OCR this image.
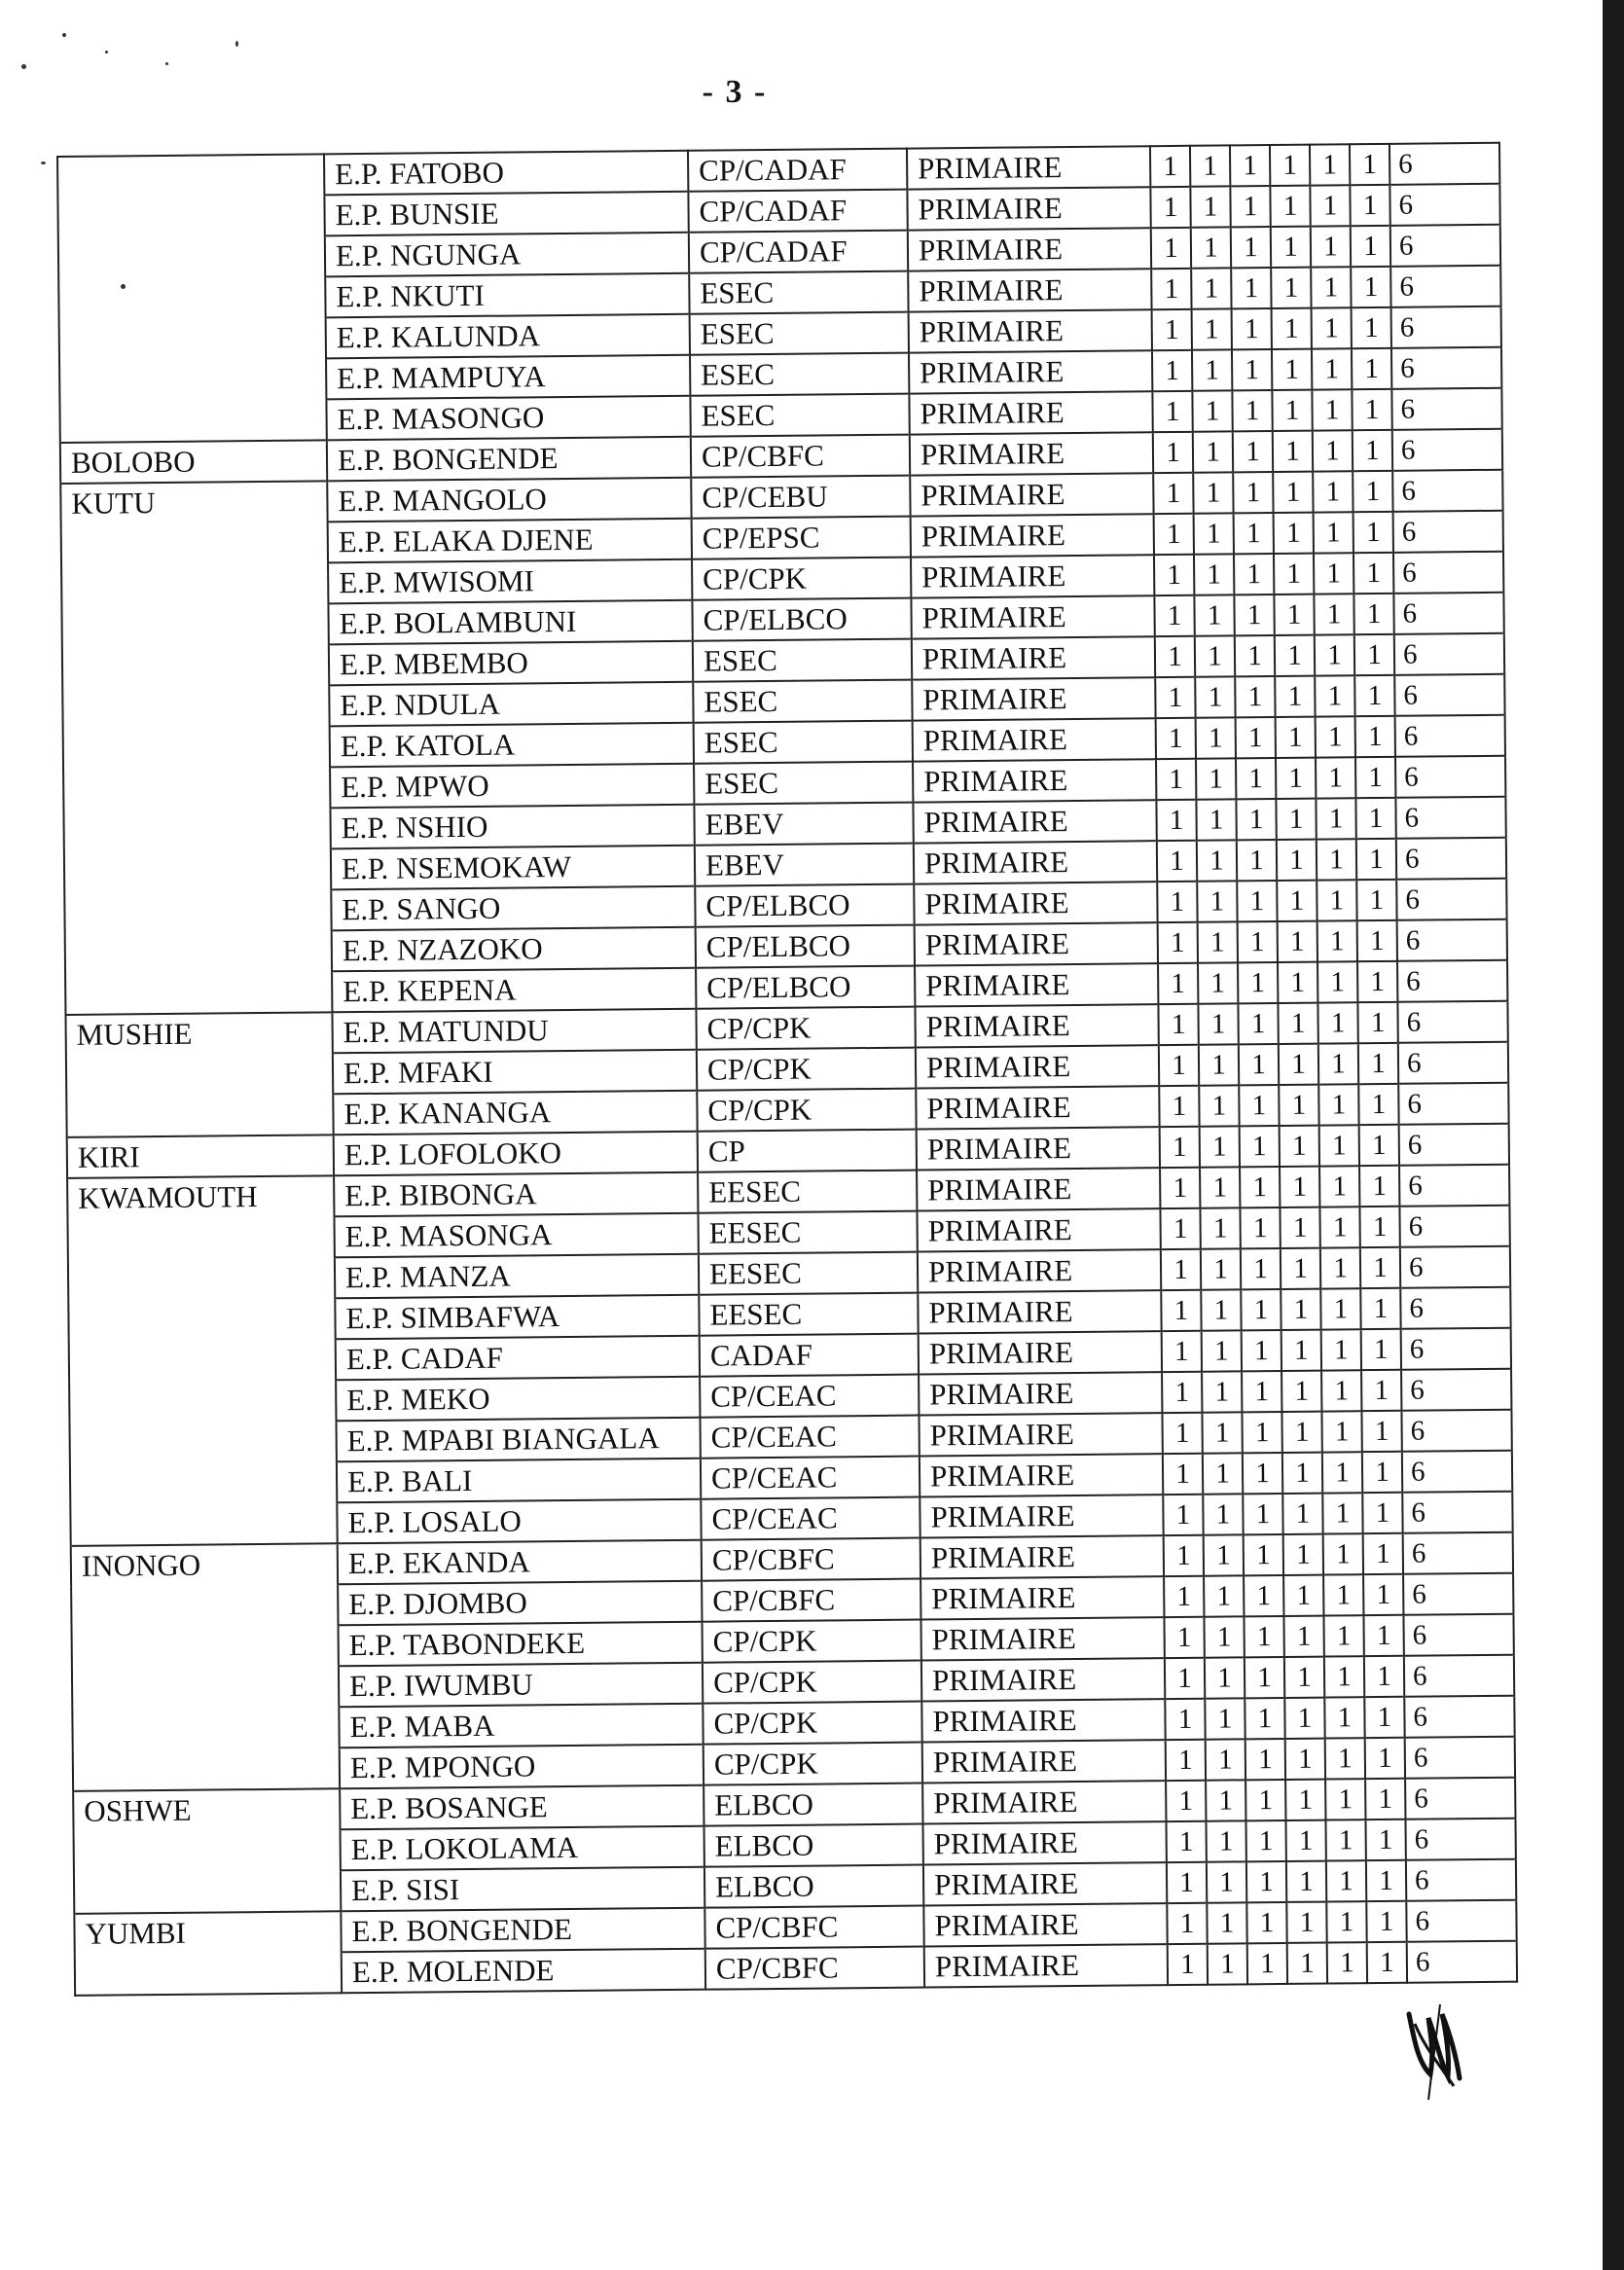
- 3 -
	E.P. FATOBO	CP/CADAF	PRIMAIRE	1	1	1	1	1	1	6
	E.P. BUNSIE	CP/CADAF	PRIMAIRE	1	1	1	1	1	1	6
	E.P. NGUNGA	CP/CADAF	PRIMAIRE	1	1	1	1	1	1	6
	E.P. NKUTI	ESEC	PRIMAIRE	1	1	1	1	1	1	6
	E.P. KALUNDA	ESEC	PRIMAIRE	1	1	1	1	1	1	6
	E.P. MAMPUYA	ESEC	PRIMAIRE	1	1	1	1	1	1	6
	E.P. MASONGO	ESEC	PRIMAIRE	1	1	1	1	1	1	6
BOLOBO	E.P. BONGENDE	CP/CBFC	PRIMAIRE	1	1	1	1	1	1	6
KUTU	E.P. MANGOLO	CP/CEBU	PRIMAIRE	1	1	1	1	1	1	6
	E.P. ELAKA DJENE	CP/EPSC	PRIMAIRE	1	1	1	1	1	1	6
	E.P. MWISOMI	CP/CPK	PRIMAIRE	1	1	1	1	1	1	6
	E.P. BOLAMBUNI	CP/ELBCO	PRIMAIRE	1	1	1	1	1	1	6
	E.P. MBEMBO	ESEC	PRIMAIRE	1	1	1	1	1	1	6
	E.P. NDULA	ESEC	PRIMAIRE	1	1	1	1	1	1	6
	E.P. KATOLA	ESEC	PRIMAIRE	1	1	1	1	1	1	6
	E.P. MPWO	ESEC	PRIMAIRE	1	1	1	1	1	1	6
	E.P. NSHIO	EBEV	PRIMAIRE	1	1	1	1	1	1	6
	E.P. NSEMOKAW	EBEV	PRIMAIRE	1	1	1	1	1	1	6
	E.P. SANGO	CP/ELBCO	PRIMAIRE	1	1	1	1	1	1	6
	E.P. NZAZOKO	CP/ELBCO	PRIMAIRE	1	1	1	1	1	1	6
	E.P. KEPENA	CP/ELBCO	PRIMAIRE	1	1	1	1	1	1	6
MUSHIE	E.P. MATUNDU	CP/CPK	PRIMAIRE	1	1	1	1	1	1	6
	E.P. MFAKI	CP/CPK	PRIMAIRE	1	1	1	1	1	1	6
	E.P. KANANGA	CP/CPK	PRIMAIRE	1	1	1	1	1	1	6
KIRI	E.P. LOFOLOKO	CP	PRIMAIRE	1	1	1	1	1	1	6
KWAMOUTH	E.P. BIBONGA	EESEC	PRIMAIRE	1	1	1	1	1	1	6
	E.P. MASONGA	EESEC	PRIMAIRE	1	1	1	1	1	1	6
	E.P. MANZA	EESEC	PRIMAIRE	1	1	1	1	1	1	6
	E.P. SIMBAFWA	EESEC	PRIMAIRE	1	1	1	1	1	1	6
	E.P. CADAF	CADAF	PRIMAIRE	1	1	1	1	1	1	6
	E.P. MEKO	CP/CEAC	PRIMAIRE	1	1	1	1	1	1	6
	E.P. MPABI BIANGALA	CP/CEAC	PRIMAIRE	1	1	1	1	1	1	6
	E.P. BALI	CP/CEAC	PRIMAIRE	1	1	1	1	1	1	6
	E.P. LOSALO	CP/CEAC	PRIMAIRE	1	1	1	1	1	1	6
INONGO	E.P. EKANDA	CP/CBFC	PRIMAIRE	1	1	1	1	1	1	6
	E.P. DJOMBO	CP/CBFC	PRIMAIRE	1	1	1	1	1	1	6
	E.P. TABONDEKE	CP/CPK	PRIMAIRE	1	1	1	1	1	1	6
	E.P. IWUMBU	CP/CPK	PRIMAIRE	1	1	1	1	1	1	6
	E.P. MABA	CP/CPK	PRIMAIRE	1	1	1	1	1	1	6
	E.P. MPONGO	CP/CPK	PRIMAIRE	1	1	1	1	1	1	6
OSHWE	E.P. BOSANGE	ELBCO	PRIMAIRE	1	1	1	1	1	1	6
	E.P. LOKOLAMA	ELBCO	PRIMAIRE	1	1	1	1	1	1	6
	E.P. SISI	ELBCO	PRIMAIRE	1	1	1	1	1	1	6
YUMBI	E.P. BONGENDE	CP/CBFC	PRIMAIRE	1	1	1	1	1	1	6
	E.P. MOLENDE	CP/CBFC	PRIMAIRE	1	1	1	1	1	1	6
